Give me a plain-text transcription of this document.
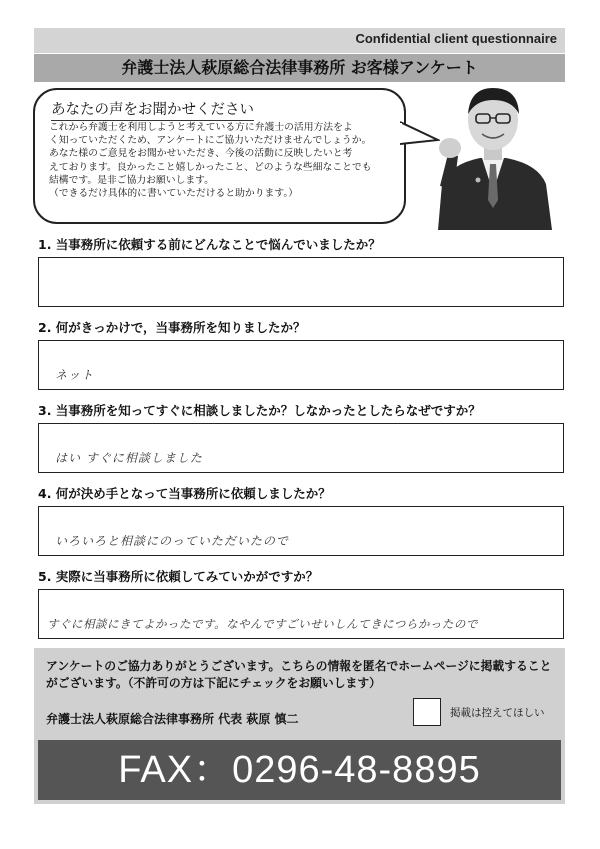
Confidential client questionnaire
弁護士法人萩原総合法律事務所 お客様アンケート
あなたの声をお聞かせください
これから弁護士を利用しようと考えている方に弁護士の活用方法をよ
く知っていただくため、アンケートにご協力いただけませんでしょうか。
あなた様のご意見をお聞かせいただき、今後の活動に反映したいと考
えております。良かったこと嬉しかったこと、どのような些細なことでも
結構です。是非ご協力お願いします。
（できるだけ具体的に書いていただけると助かります。）
1. 当事務所に依頼する前にどんなことで悩んでいましたか？
2. 何がきっかけで，当事務所を知りましたか？
ネット
3. 当事務所を知ってすぐに相談しましたか？しなかったとしたらなぜですか？
はい すぐに相談しました
4. 何が決め手となって当事務所に依頼しましたか？
いろいろと相談にのっていただいたので
5. 実際に当事務所に依頼してみていかがですか？
すぐに相談にきてよかったです。なやんですごいせいしんてきにつらかったので
アンケートのご協力ありがとうございます。こちらの情報を匿名でホームページに掲載することがございます。（不許可の方は下記にチェックをお願いします）
弁護士法人萩原総合法律事務所 代表 萩原 慎二	掲載は控えてほしい
FAX：0296-48-8895
